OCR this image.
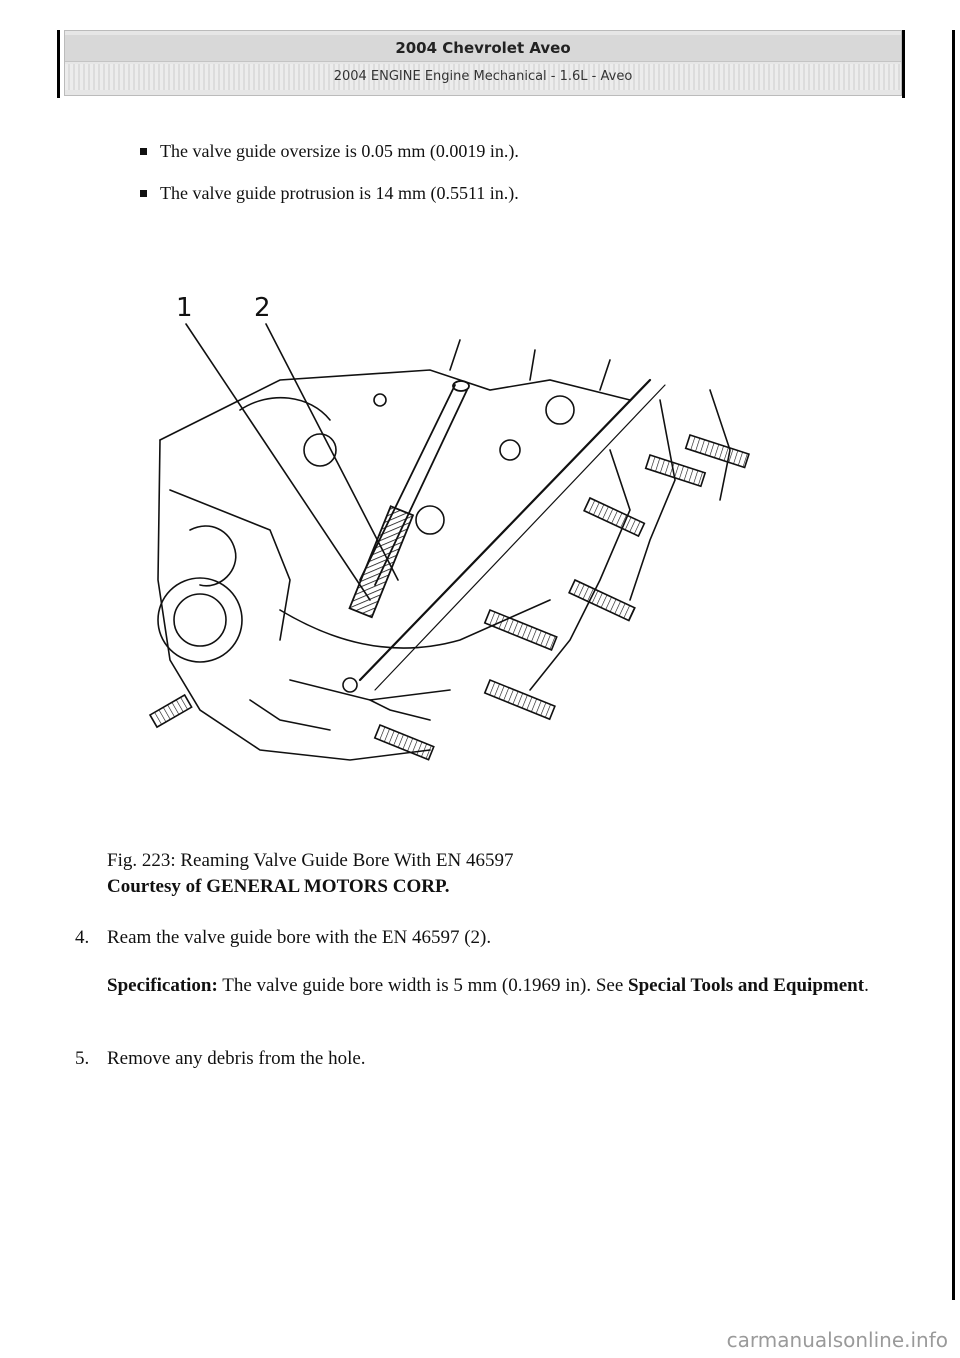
2004 Chevrolet Aveo
2004 ENGINE Engine Mechanical - 1.6L - Aveo
The valve guide oversize is 0.05 mm (0.0019 in.).
The valve guide protrusion is 14 mm (0.5511 in.).
1 2
Fig. 223: Reaming Valve Guide Bore With EN 46597
Courtesy of GENERAL MOTORS CORP.
4. Ream the valve guide bore with the EN 46597 (2).
Specification: The valve guide bore width is 5 mm (0.1969 in). See Special Tools and Equipment.
5. Remove any debris from the hole.
carmanualsonline.info
